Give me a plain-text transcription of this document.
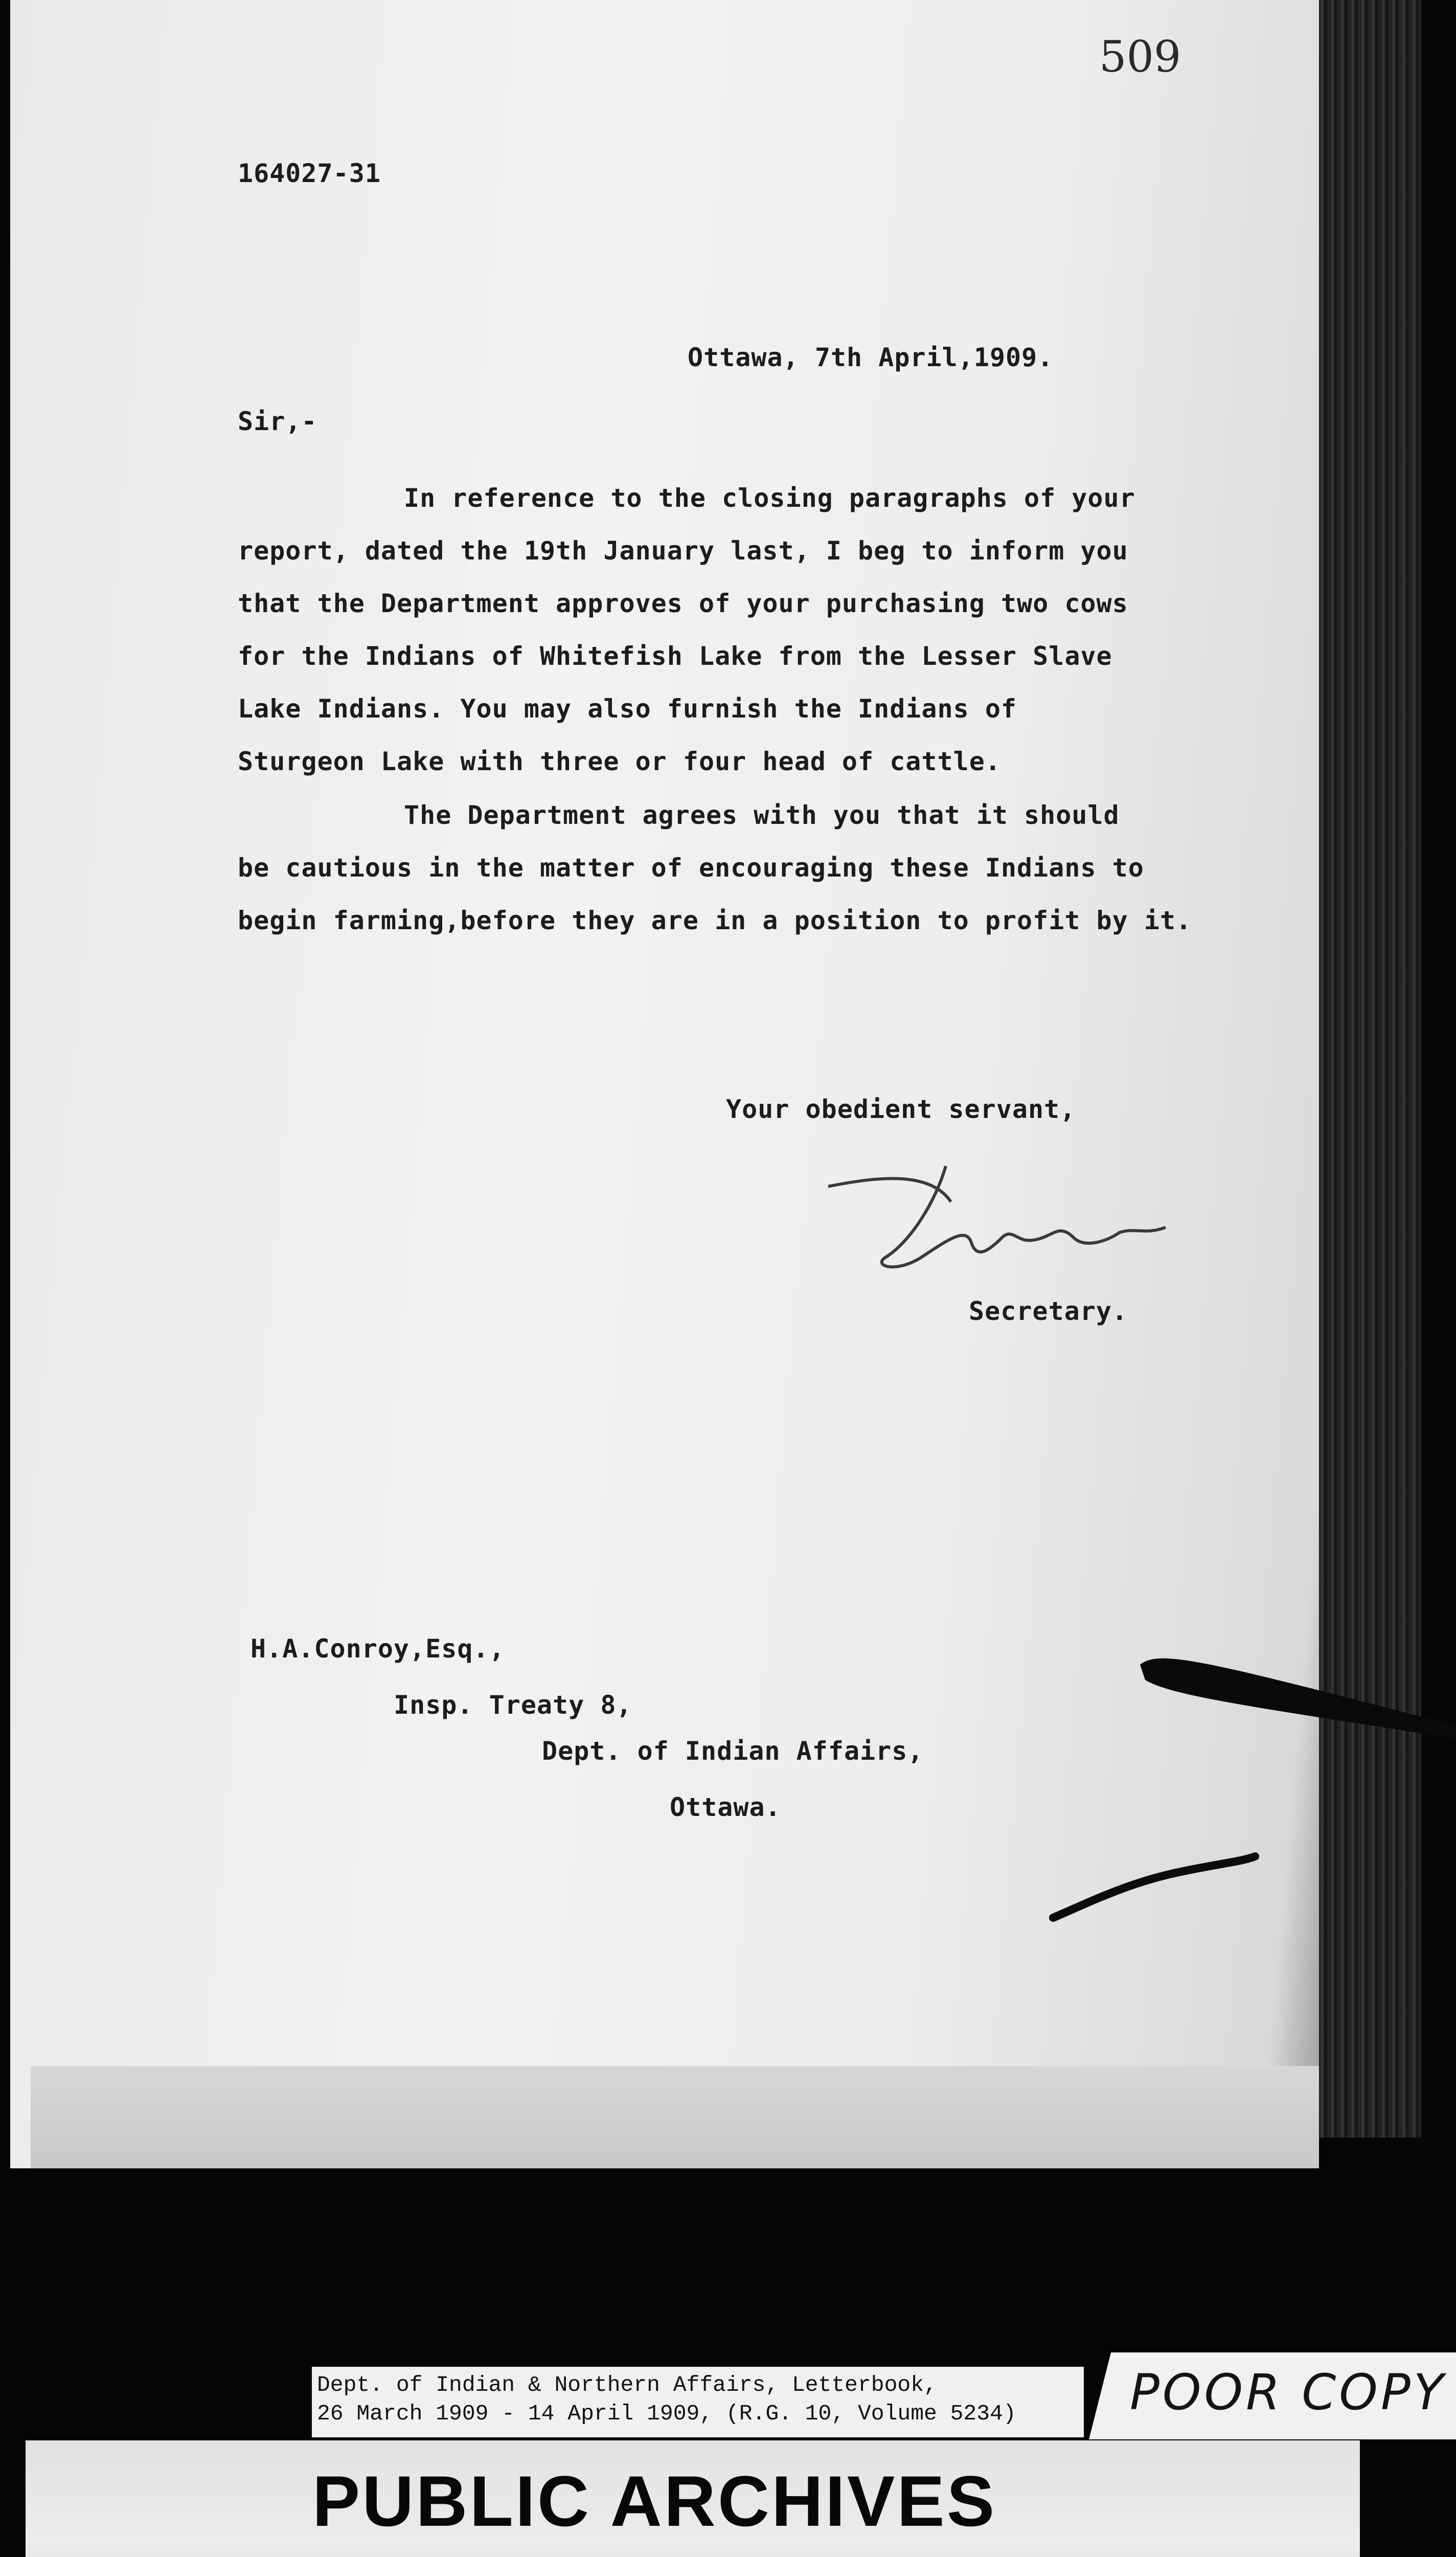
509
164027-31
Ottawa, 7th April,1909.
Sir,-
In reference to the closing paragraphs of your
report, dated the 19th January last, I beg to inform you
that the Department approves of your purchasing two cows
for the Indians of Whitefish Lake from the Lesser Slave
Lake Indians. You may also furnish the Indians of
Sturgeon Lake with three or four head of cattle.
The Department agrees with you that it should
be cautious in the matter of encouraging these Indians to
begin farming,before they are in a position to profit by it.
Your obedient servant,
Secretary.
H.A.Conroy,Esq.,
Insp. Treaty 8,
Dept. of Indian Affairs,
Ottawa.
Dept. of Indian & Northern Affairs, Letterbook,
26 March 1909 - 14 April 1909, (R.G. 10, Volume 5234) POOR COPY
PUBLIC ARCHIVES
